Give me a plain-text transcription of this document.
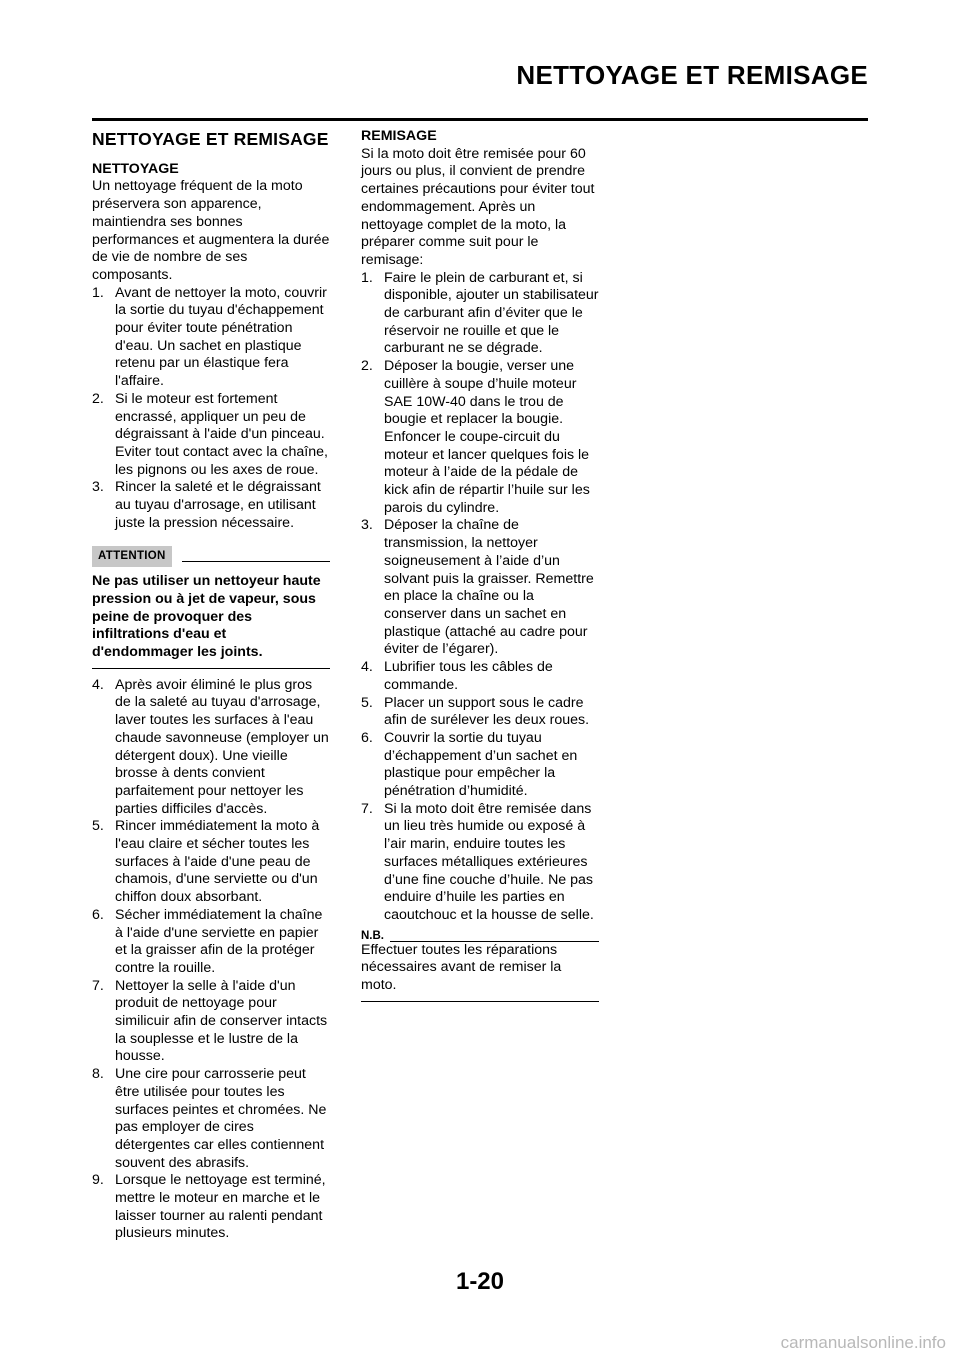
NETTOYAGE ET REMISAGE
NETTOYAGE ET REMISAGE

NETTOYAGE

Un nettoyage fréquent de la moto préservera son apparence, maintiendra ses bonnes performances et augmentera la durée de vie de nombre de ses composants.

1. Avant de nettoyer la moto, couvrir la sortie du tuyau d'échappement pour éviter toute pénétration d'eau. Un sachet en plastique retenu par un élastique fera l'affaire.
2. Si le moteur est fortement encrassé, appliquer un peu de dégraissant à l'aide d'un pinceau. Eviter tout contact avec la chaîne, les pignons ou les axes de roue.
3. Rincer la saleté et le dégraissant au tuyau d'arrosage, en utilisant juste la pression nécessaire.
ATTENTION
Ne pas utiliser un nettoyeur haute pression ou à jet de vapeur, sous peine de provoquer des infiltrations d'eau et d'endommager les joints.
4. Après avoir éliminé le plus gros de la saleté au tuyau d'arrosage, laver toutes les surfaces à l'eau chaude savonneuse (employer un détergent doux). Une vieille brosse à dents convient parfaitement pour nettoyer les parties difficiles d'accès.
5. Rincer immédiatement la moto à l'eau claire et sécher toutes les surfaces à l'aide d'une peau de chamois, d'une serviette ou d'un chiffon doux absorbant.
6. Sécher immédiatement la chaîne à l'aide d'une serviette en papier et la graisser afin de la protéger contre la rouille.
7. Nettoyer la selle à l'aide d'un produit de nettoyage pour similicuir afin de conserver intacts la souplesse et le lustre de la housse.
8. Une cire pour carrosserie peut être utilisée pour toutes les surfaces peintes et chromées. Ne pas employer de cires détergentes car elles contiennent souvent des abrasifs.
9. Lorsque le nettoyage est terminé, mettre le moteur en marche et le laisser tourner au ralenti pendant plusieurs minutes.

REMISAGE

Si la moto doit être remisée pour 60 jours ou plus, il convient de prendre certaines précautions pour éviter tout endommagement. Après un nettoyage complet de la moto, la préparer comme suit pour le remisage:

1. Faire le plein de carburant et, si disponible, ajouter un stabilisateur de carburant afin d’éviter que le réservoir ne rouille et que le carburant ne se dégrade.
2. Déposer la bougie, verser une cuillère à soupe d’huile moteur SAE 10W-40 dans le trou de bougie et replacer la bougie. Enfoncer le coupe-circuit du moteur et lancer quelques fois le moteur à l’aide de la pédale de kick afin de répartir l’huile sur les parois du cylindre.
3. Déposer la chaîne de transmission, la nettoyer soigneusement à l’aide d’un solvant puis la graisser. Remettre en place la chaîne ou la conserver dans un sachet en plastique (attaché au cadre pour éviter de l’égarer).
4. Lubrifier tous les câbles de commande.
5. Placer un support sous le cadre afin de surélever les deux roues.
6. Couvrir la sortie du tuyau d’échappement d’un sachet en plastique pour empêcher la pénétration d’humidité.
7. Si la moto doit être remisée dans un lieu très humide ou exposé à l’air marin, enduire toutes les surfaces métalliques extérieures d’une fine couche d’huile. Ne pas enduire d’huile les parties en caoutchouc et la housse de selle.
N.B.
Effectuer toutes les réparations nécessaires avant de remiser la moto.
1-20
carmanualsonline.info
